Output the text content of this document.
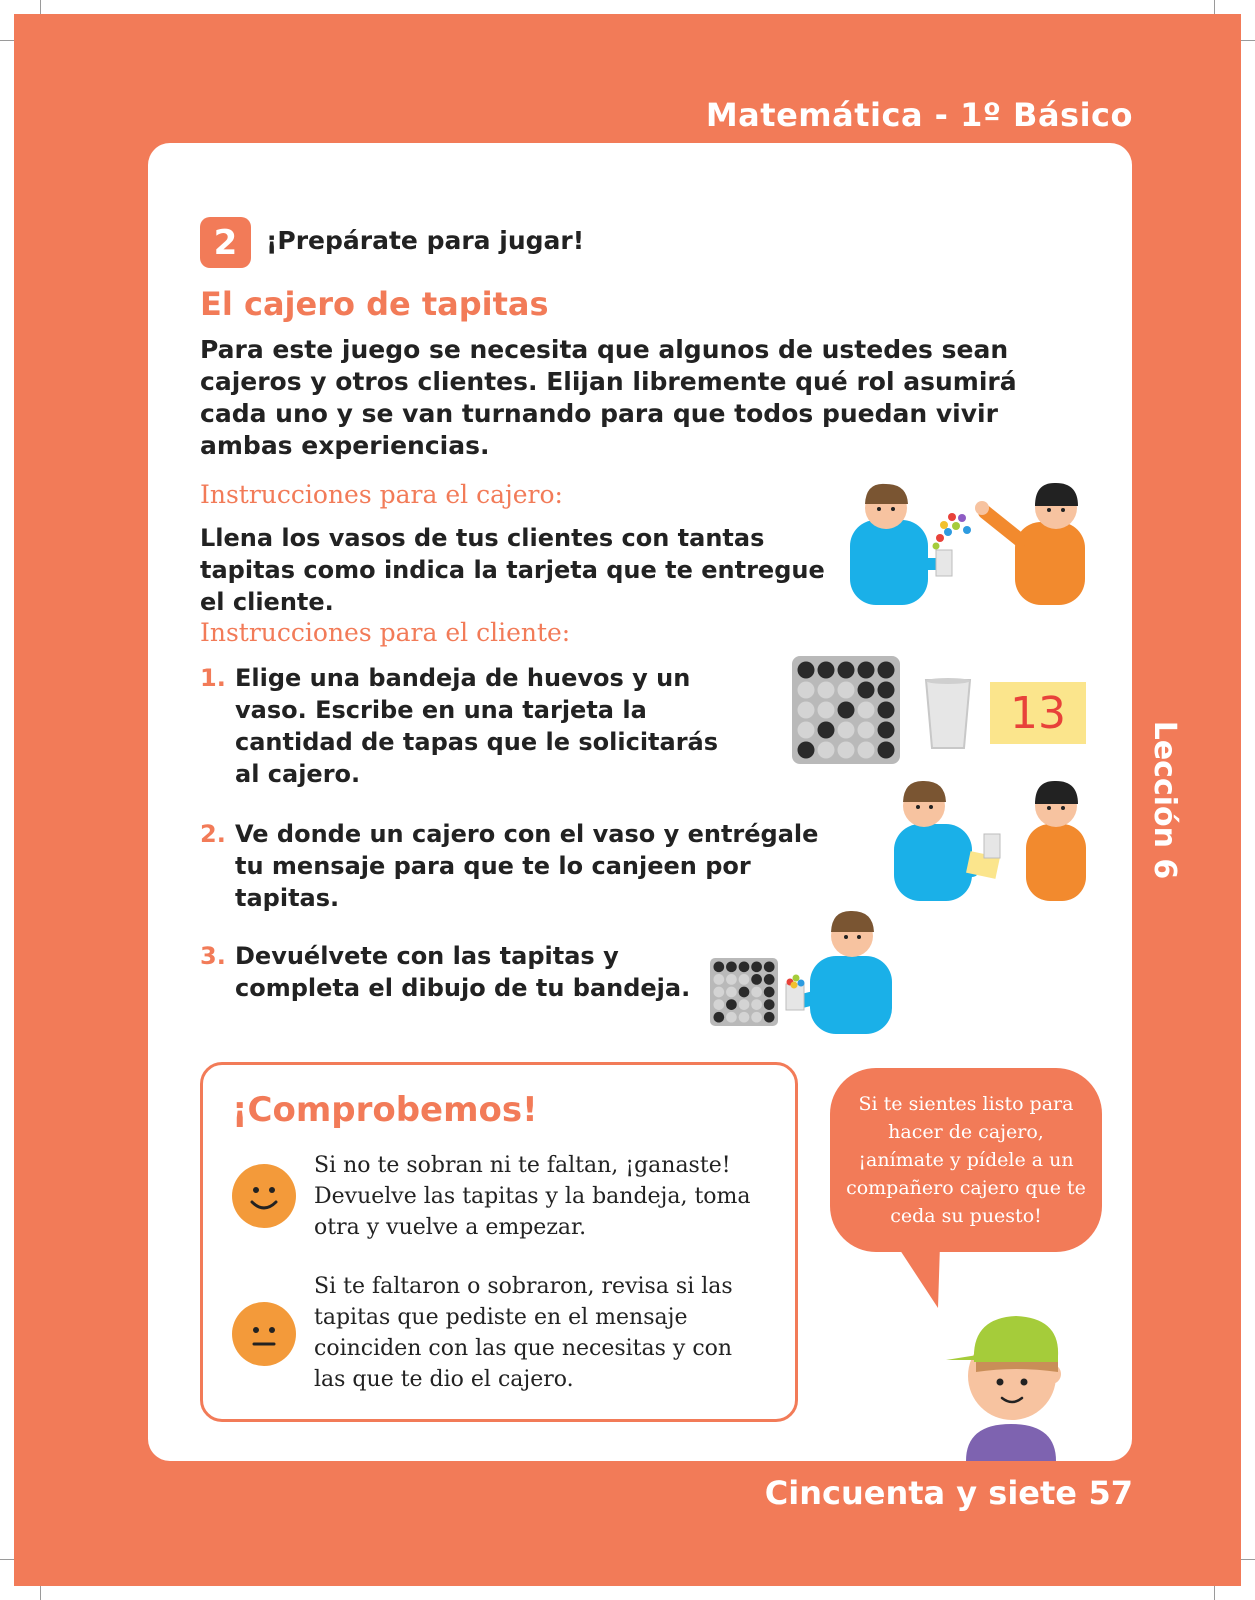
Matemática - 1º Básico
2	¡Prepárate para jugar!
El cajero de tapitas
Para este juego se necesita que algunos de ustedes sean cajeros y otros clientes. Elijan libremente qué rol asumirá cada uno y se van turnando para que todos puedan vivir ambas experiencias.
Instrucciones para el cajero:
Llena los vasos de tus clientes con tantas tapitas como indica la tarjeta que te entregue el cliente.
Instrucciones para el cliente:
1. Elige una bandeja de huevos y un vaso. Escribe en una tarjeta la cantidad de tapas que le solicitarás al cajero.
13
2. Ve donde un cajero con el vaso y entrégale tu mensaje para que te lo canjeen por tapitas.
3. Devuélvete con las tapitas y completa el dibujo de tu bandeja.
¡Comprobemos!
Si no te sobran ni te faltan, ¡ganaste! Devuelve las tapitas y la bandeja, toma otra y vuelve a empezar.
Si te faltaron o sobraron, revisa si las tapitas que pediste en el mensaje coinciden con las que necesitas y con las que te dio el cajero.
Si te sientes listo para hacer de cajero, ¡anímate y pídele a un compañero cajero que te ceda su puesto!
Lección 6
Cincuenta y siete 57
